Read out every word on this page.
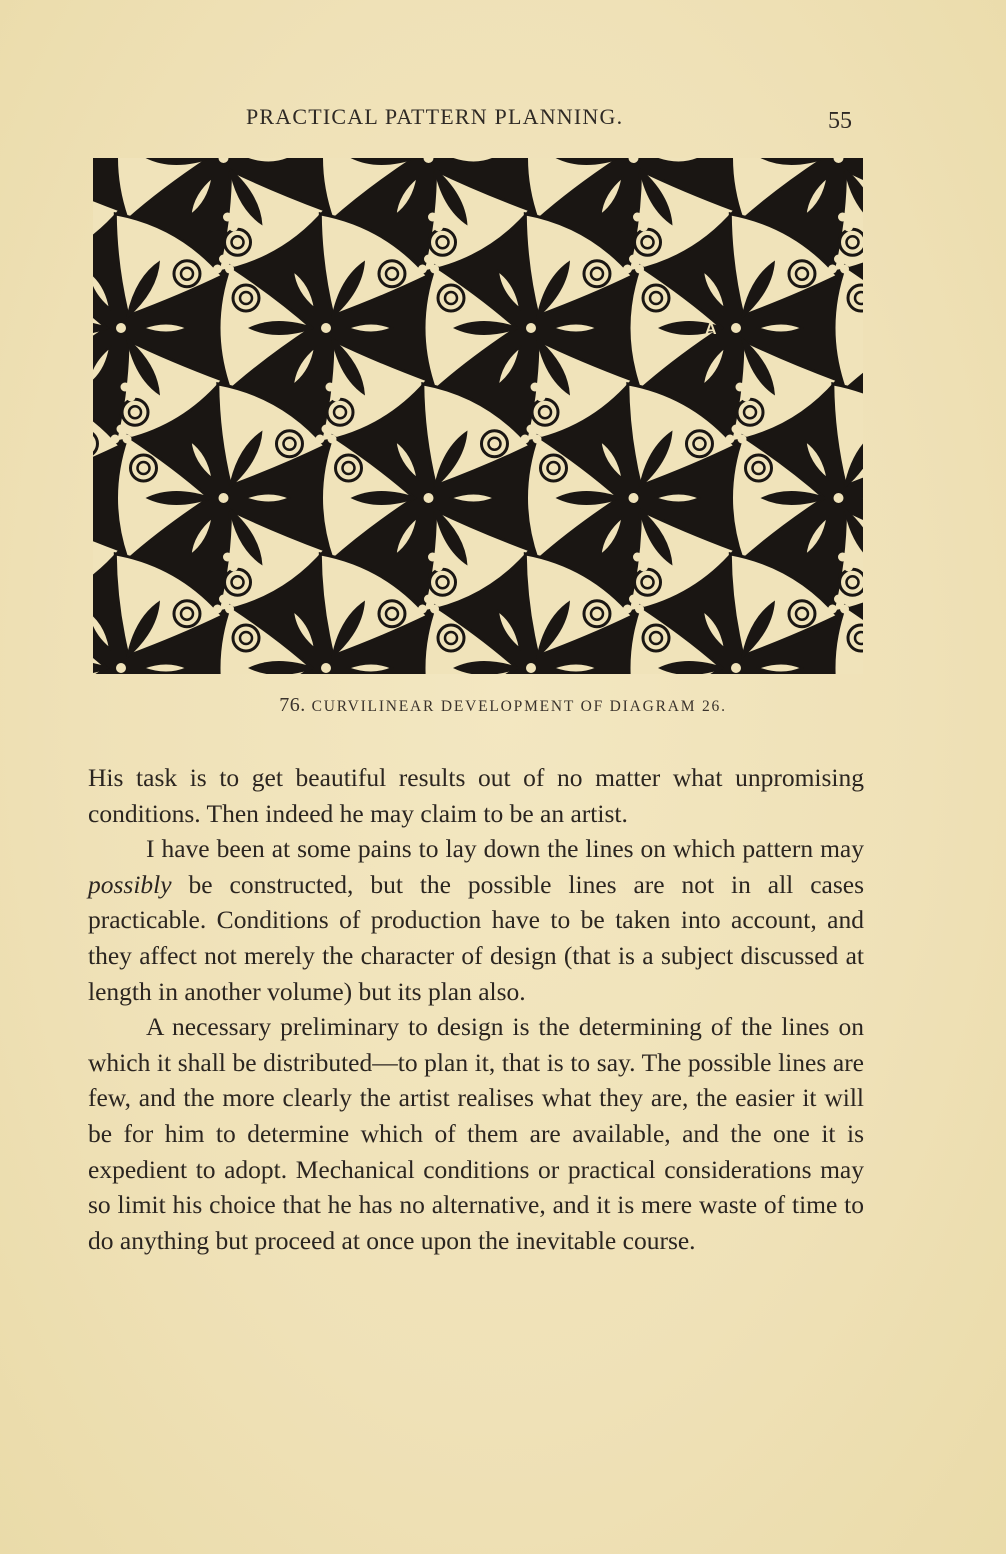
PRACTICAL PATTERN PLANNING.	55
A
B
76. CURVILINEAR DEVELOPMENT OF DIAGRAM 26.

His task is to get beautiful results out of no matter what unpromising conditions. Then indeed he may claim to be an artist.

I have been at some pains to lay down the lines on which pattern may possibly be constructed, but the possible lines are not in all cases practicable. Conditions of production have to be taken into account, and they affect not merely the character of design (that is a subject discussed at length in another volume) but its plan also.

A necessary preliminary to design is the determining of the lines on which it shall be distributed—to plan it, that is to say. The possible lines are few, and the more clearly the artist realises what they are, the easier it will be for him to determine which of them are available, and the one it is expedient to adopt. Mechanical conditions or practical considerations may so limit his choice that he has no alternative, and it is mere waste of time to do anything but proceed at once upon the inevitable course.
